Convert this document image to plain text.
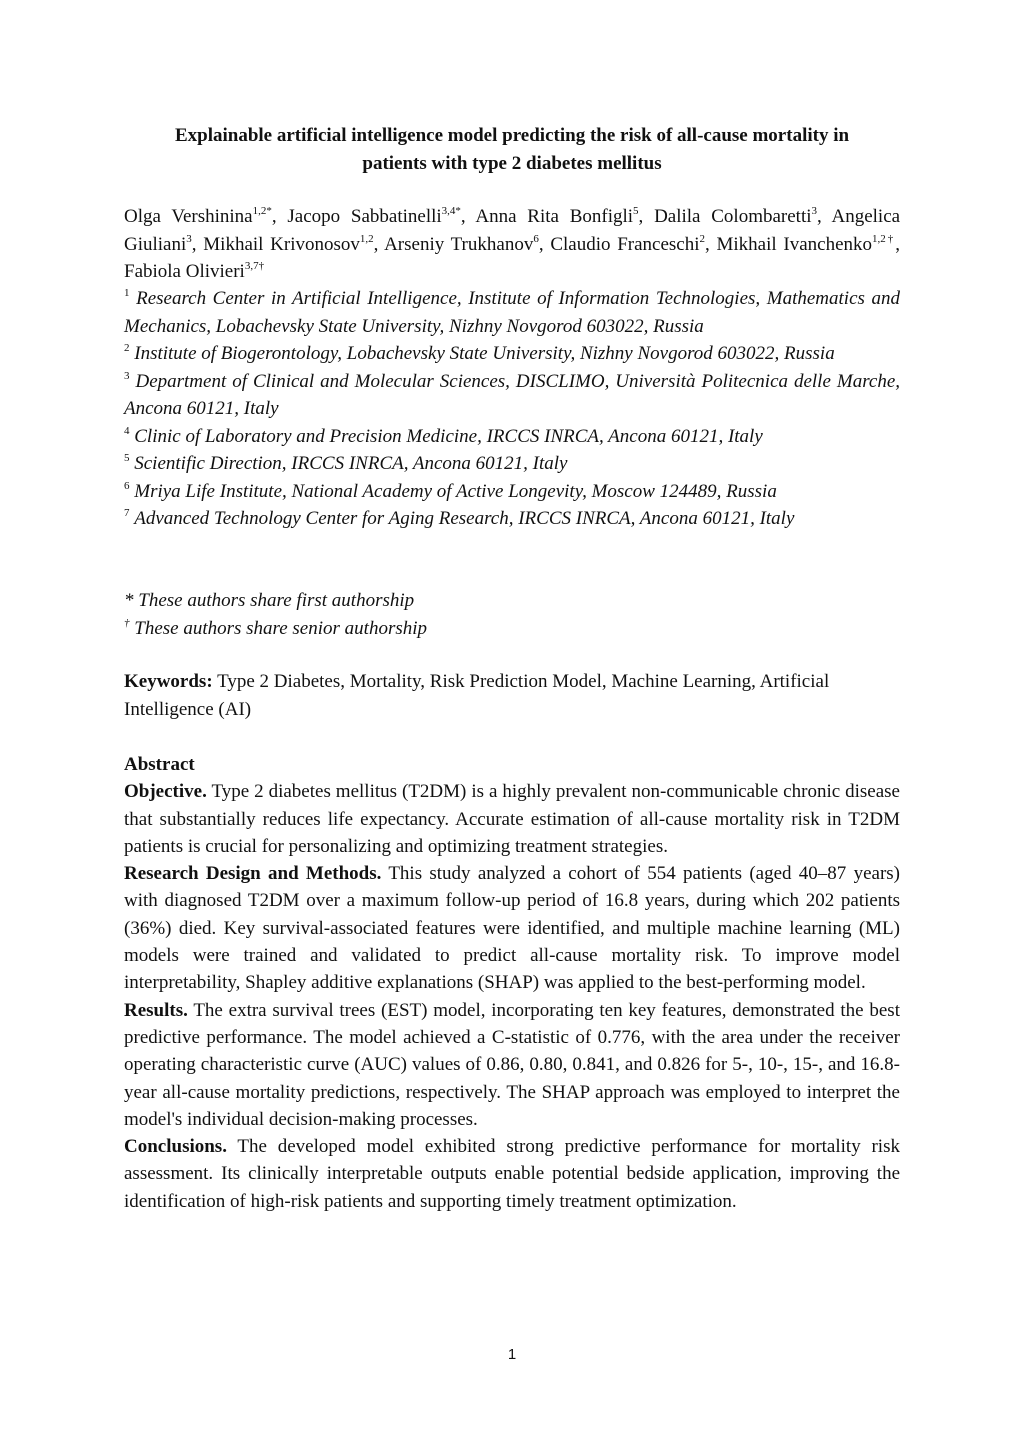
Explainable artificial intelligence model predicting the risk of all-cause mortality in
patients with type 2 diabetes mellitus
Olga Vershinina$^{1,2*}$, Jacopo Sabbatinelli$^{3,4*}$, Anna Rita Bonfigli$^5$, Dalila Colombaretti$^3$, Angelica Giuliani$^3$, Mikhail Krivonosov$^{1,2}$, Arseniy Trukhanov$^6$, Claudio Franceschi$^2$, Mikhail Ivanchenko$^{1,2\dagger}$, Fabiola Olivieri$^{3,7\dagger}$
$^1$ Research Center in Artificial Intelligence, Institute of Information Technologies, Mathematics and Mechanics, Lobachevsky State University, Nizhny Novgorod 603022, Russia
$^2$ Institute of Biogerontology, Lobachevsky State University, Nizhny Novgorod 603022, Russia
$^3$ Department of Clinical and Molecular Sciences, DISCLIMO, Università Politecnica delle Marche, Ancona 60121, Italy
$^4$ Clinic of Laboratory and Precision Medicine, IRCCS INRCA, Ancona 60121, Italy
$^5$ Scientific Direction, IRCCS INRCA, Ancona 60121, Italy
$^6$ Mriya Life Institute, National Academy of Active Longevity, Moscow 124489, Russia
$^7$ Advanced Technology Center for Aging Research, IRCCS INRCA, Ancona 60121, Italy
* These authors share first authorship
† These authors share senior authorship
Keywords: Type 2 Diabetes, Mortality, Risk Prediction Model, Machine Learning, Artificial Intelligence (AI)

Abstract

Objective. Type 2 diabetes mellitus (T2DM) is a highly prevalent non-communicable chronic disease that substantially reduces life expectancy. Accurate estimation of all-cause mortality risk in T2DM patients is crucial for personalizing and optimizing treatment strategies.

Research Design and Methods. This study analyzed a cohort of 554 patients (aged 40–87 years) with diagnosed T2DM over a maximum follow-up period of 16.8 years, during which 202 patients (36%) died. Key survival-associated features were identified, and multiple machine learning (ML) models were trained and validated to predict all-cause mortality risk. To improve model interpretability, Shapley additive explanations (SHAP) was applied to the best-performing model.

Results. The extra survival trees (EST) model, incorporating ten key features, demonstrated the best predictive performance. The model achieved a C-statistic of 0.776, with the area under the receiver operating characteristic curve (AUC) values of 0.86, 0.80, 0.841, and 0.826 for 5-, 10-, 15-, and 16.8-year all-cause mortality predictions, respectively. The SHAP approach was employed to interpret the model's individual decision-making processes.

Conclusions. The developed model exhibited strong predictive performance for mortality risk assessment. Its clinically interpretable outputs enable potential bedside application, improving the identification of high-risk patients and supporting timely treatment optimization.

1
